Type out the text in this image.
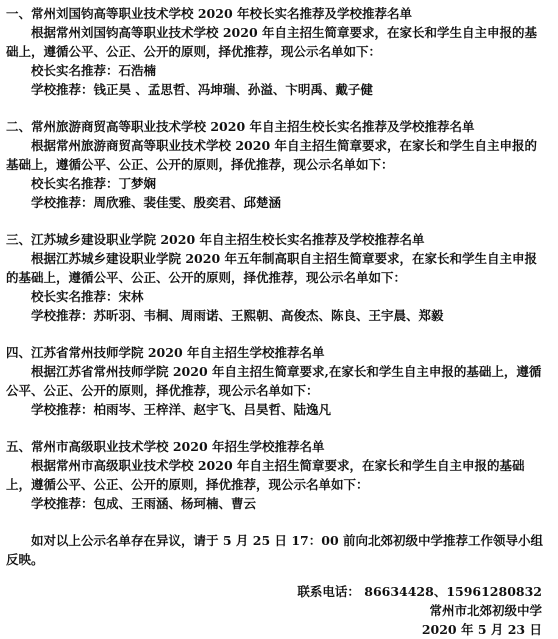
一、常州刘国钧高等职业技术学校 2020 年校长实名推荐及学校推荐名单

根据常州刘国钧高等职业技术学校 2020 年自主招生简章要求，在家长和学生自主申报的基础上，遵循公平、公正、公开的原则，择优推荐，现公示名单如下：

校长实名推荐：石浩楠

学校推荐：钱正昊 、孟思哲、冯坤瑞、孙溢、卞明禹、戴子健

二、常州旅游商贸高等职业技术学校 2020 年自主招生校长实名推荐及学校推荐名单

根据常州旅游商贸高等职业技术学校 2020 年自主招生简章要求，在家长和学生自主申报的基础上，遵循公平、公正、公开的原则，择优推荐，现公示名单如下：

校长实名推荐：丁梦娴

学校推荐：周欣雅、裴佳雯、殷奕君、邱楚涵

三、江苏城乡建设职业学院 2020 年自主招生校长实名推荐及学校推荐名单

根据江苏城乡建设职业学院 2020 年五年制高职自主招生简章要求，在家长和学生自主申报的基础上，遵循公平、公正、公开的原则，择优推荐，现公示名单如下：

校长实名推荐：宋林

学校推荐：苏昕羽、韦桐、周雨诺、王熙朝、高俊杰、陈良、王宇晨、郑毅

四、江苏省常州技师学院 2020 年自主招生学校推荐名单

根据江苏省常州技师学院 2020 年自主招生简章要求,在家长和学生自主申报的基础上，遵循公平、公正、公开的原则，择优推荐，现公示名单如下：

学校推荐：柏雨岑、王梓洋、赵宇飞、吕昊哲、陆逸凡

五、常州市高级职业技术学校 2020 年招生学校推荐名单

根据常州市高级职业技术学校 2020 年自主招生简章要求，在家长和学生自主申报的基础上，遵循公平、公正、公开的原则，择优推荐，现公示名单如下：

学校推荐：包成、王雨涵、杨珂楠、曹云

如对以上公示名单存在异议，请于 5 月 25 日 17：00 前向北郊初级中学推荐工作领导小组反映。

联系电话： 86634428、15961280832
常州市北郊初级中学
2020 年 5 月 23 日
